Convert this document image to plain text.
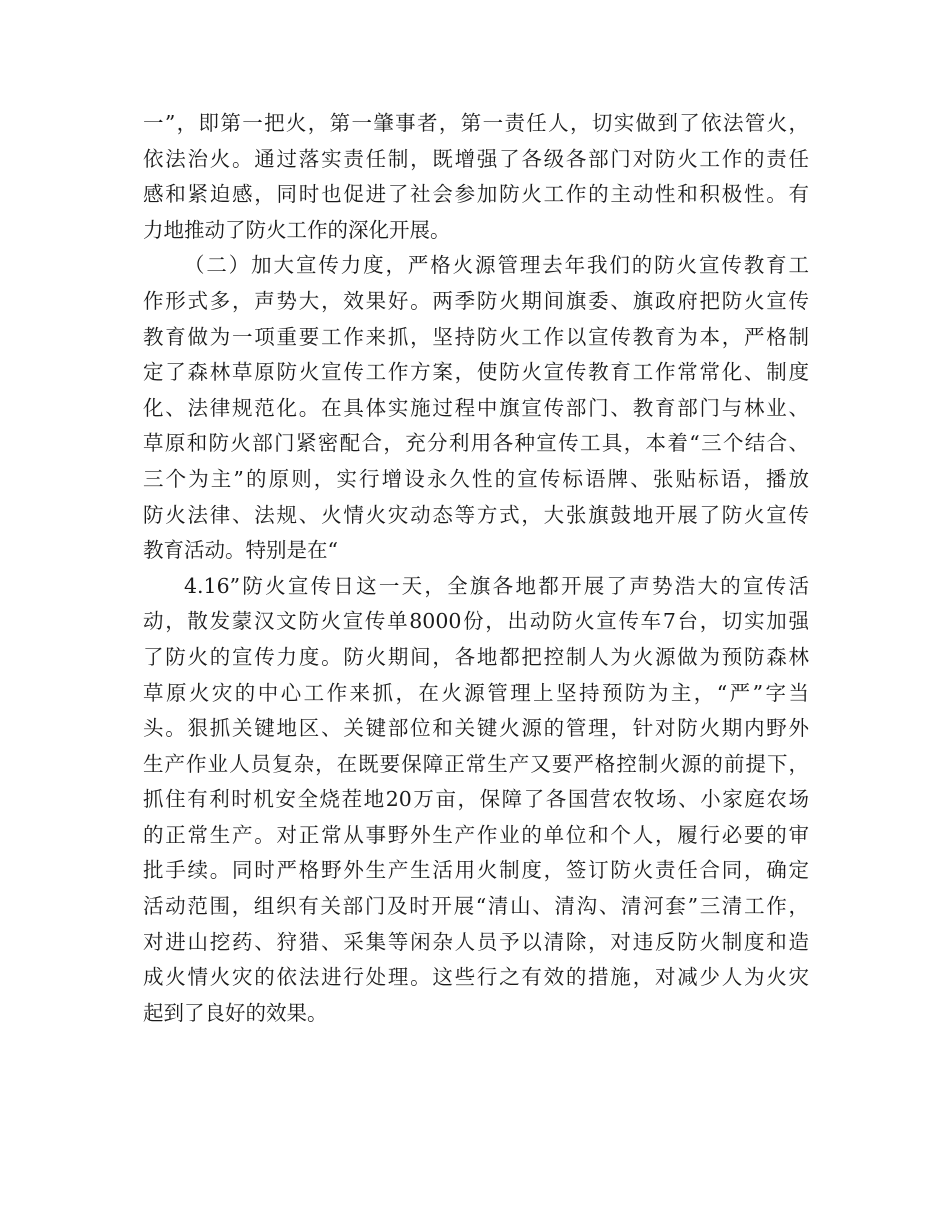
一”，即第一把火，第一肇事者，第一责任人，切实做到了依法管火，
依法治火。通过落实责任制，既增强了各级各部门对防火工作的责任
感和紧迫感，同时也促进了社会参加防火工作的主动性和积极性。有
力地推动了防火工作的深化开展。
（二）加大宣传力度，严格火源管理去年我们的防火宣传教育工
作形式多，声势大，效果好。两季防火期间旗委、旗政府把防火宣传
教育做为一项重要工作来抓，坚持防火工作以宣传教育为本，严格制
定了森林草原防火宣传工作方案，使防火宣传教育工作常常化、制度
化、法律规范化。在具体实施过程中旗宣传部门、教育部门与林业、
草原和防火部门紧密配合，充分利用各种宣传工具，本着“三个结合、
三个为主”的原则，实行增设永久性的宣传标语牌、张贴标语，播放
防火法律、法规、火情火灾动态等方式，大张旗鼓地开展了防火宣传
教育活动。特别是在“
4.16”防火宣传日这一天，全旗各地都开展了声势浩大的宣传活
动，散发蒙汉文防火宣传单8000份，出动防火宣传车7台，切实加强
了防火的宣传力度。防火期间，各地都把控制人为火源做为预防森林
草原火灾的中心工作来抓，在火源管理上坚持预防为主，“严”字当
头。狠抓关键地区、关键部位和关键火源的管理，针对防火期内野外
生产作业人员复杂，在既要保障正常生产又要严格控制火源的前提下，
抓住有利时机安全烧茬地20万亩，保障了各国营农牧场、小家庭农场
的正常生产。对正常从事野外生产作业的单位和个人，履行必要的审
批手续。同时严格野外生产生活用火制度，签订防火责任合同，确定
活动范围，组织有关部门及时开展“清山、清沟、清河套”三清工作，
对进山挖药、狩猎、采集等闲杂人员予以清除，对违反防火制度和造
成火情火灾的依法进行处理。这些行之有效的措施，对减少人为火灾
起到了良好的效果。
